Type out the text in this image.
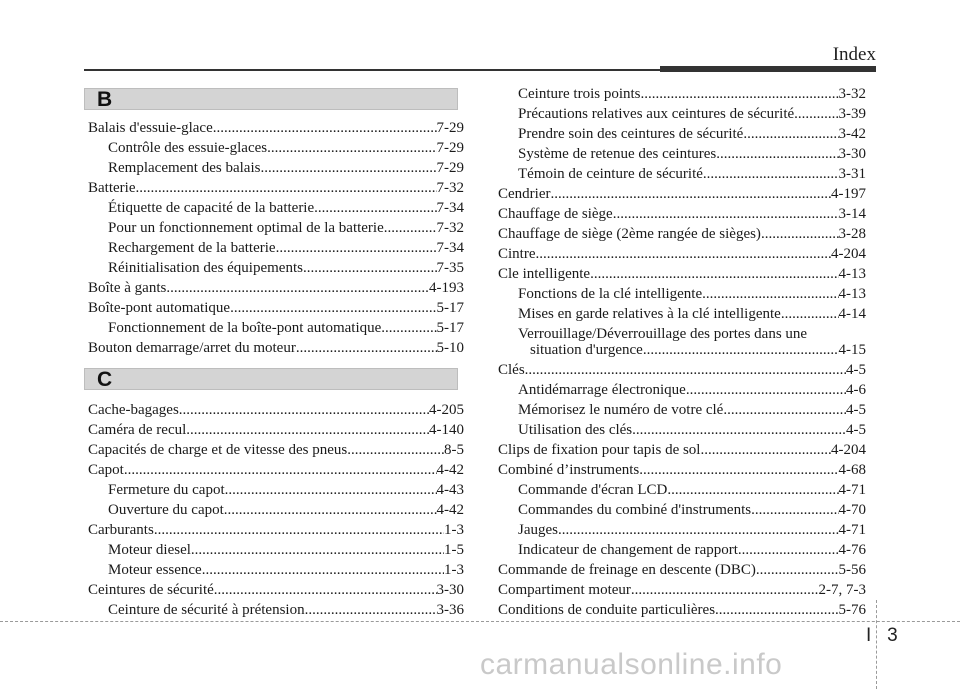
Index
B
C
Balais d'essuie-glace .....	7-29
Contrôle des essuie-glaces .....	7-29
Remplacement des balais .....	7-29
Batterie .....	7-32
Étiquette de capacité de la batterie .....	7-34
Pour un fonctionnement optimal de la batterie .....	7-32
Rechargement de la batterie .....	7-34
Réinitialisation des équipements .....	7-35
Boîte à gants .....	4-193
Boîte-pont automatique .....	5-17
Fonctionnement de la boîte-pont automatique .....	5-17
Bouton demarrage/arret du moteur .....	5-10
Cache-bagages .....	4-205
Caméra de recul .....	4-140
Capacités de charge et de vitesse des pneus .....	8-5
Capot .....	4-42
Fermeture du capot .....	4-43
Ouverture du capot .....	4-42
Carburants .....	1-3
Moteur diesel .....	1-5
Moteur essence .....	1-3
Ceintures de sécurité .....	3-30
Ceinture de sécurité à prétension .....	3-36
Ceinture trois points .....	3-32
Précautions relatives aux ceintures de sécurité .....	3-39
Prendre soin des ceintures de sécurité .....	3-42
Système de retenue des ceintures .....	3-30
Témoin de ceinture de sécurité .....	3-31
Cendrier .....	4-197
Chauffage de siège .....	3-14
Chauffage de siège (2ème rangée de sièges) .....	3-28
Cintre .....	4-204
Cle intelligente .....	4-13
Fonctions de la clé intelligente .....	4-13
Mises en garde relatives à la clé intelligente .....	4-14
Verrouillage/Déverrouillage des portes dans une
situation d'urgence .....	4-15
Clés .....	4-5
Antidémarrage électronique .....	4-6
Mémorisez le numéro de votre clé .....	4-5
Utilisation des clés .....	4-5
Clips de fixation pour tapis de sol .....	4-204
Combiné d’instruments .....	4-68
Commande d'écran LCD .....	4-71
Commandes du combiné d'instruments .....	4-70
Jauges .....	4-71
Indicateur de changement de rapport .....	4-76
Commande de freinage en descente (DBC) .....	5-56
Compartiment moteur .....	2-7, 7-3
Conditions de conduite particulières .....	5-76
I 3
carmanualsonline.info
